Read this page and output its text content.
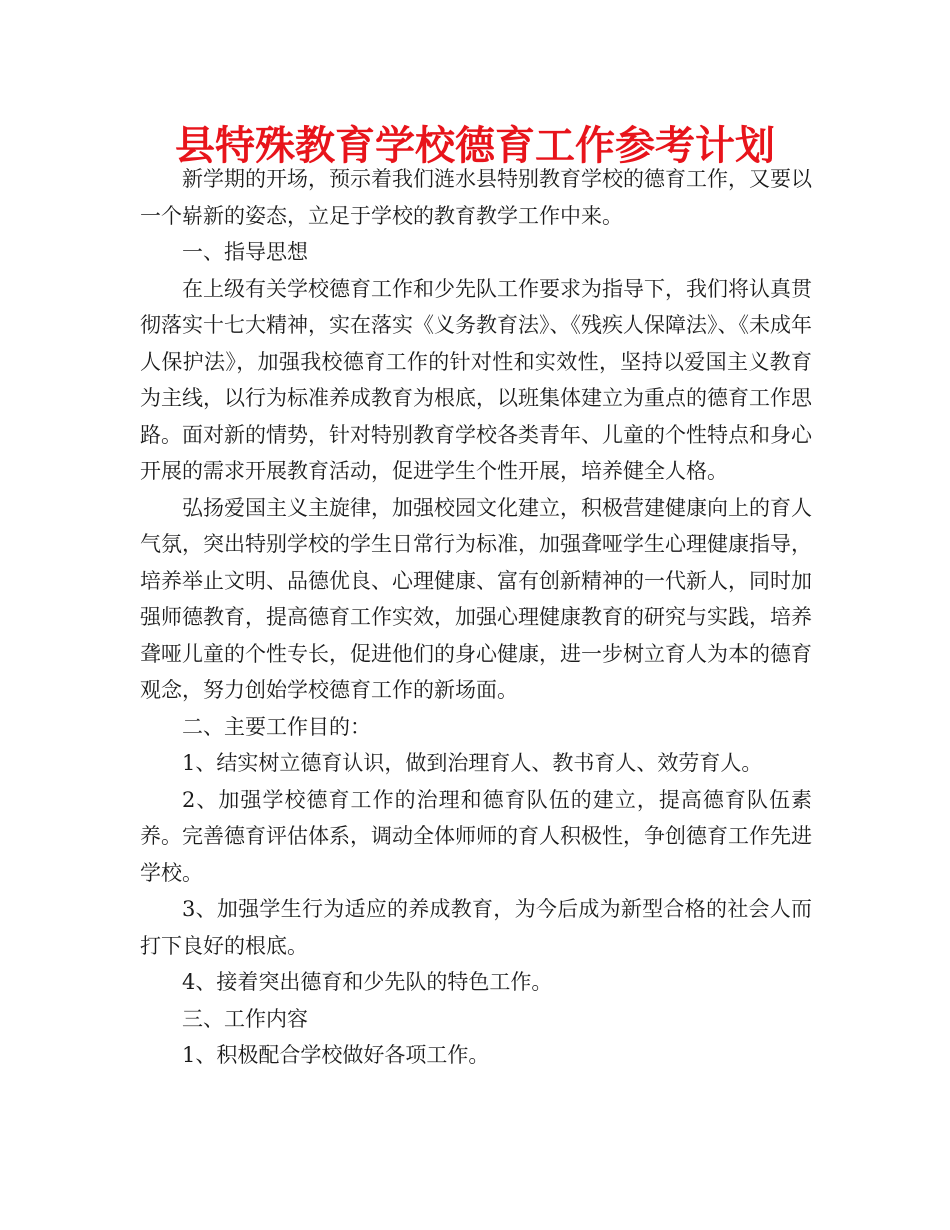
县特殊教育学校德育工作参考计划

新学期的开场，预示着我们涟水县特别教育学校的德育工作，又要以一个崭新的姿态，立足于学校的教育教学工作中来。

一、指导思想

在上级有关学校德育工作和少先队工作要求为指导下，我们将认真贯彻落实十七大精神，实在落实《义务教育法》、《残疾人保障法》、《未成年人保护法》，加强我校德育工作的针对性和实效性，坚持以爱国主义教育为主线，以行为标准养成教育为根底，以班集体建立为重点的德育工作思路。面对新的情势，针对特别教育学校各类青年、儿童的个性特点和身心开展的需求开展教育活动，促进学生个性开展，培养健全人格。

弘扬爱国主义主旋律，加强校园文化建立，积极营建健康向上的育人气氛，突出特别学校的学生日常行为标准，加强聋哑学生心理健康指导，培养举止文明、品德优良、心理健康、富有创新精神的一代新人，同时加强师德教育，提高德育工作实效，加强心理健康教育的研究与实践，培养聋哑儿童的个性专长，促进他们的身心健康，进一步树立育人为本的德育观念，努力创始学校德育工作的新场面。

二、主要工作目的：

1、结实树立德育认识，做到治理育人、教书育人、效劳育人。

2、加强学校德育工作的治理和德育队伍的建立，提高德育队伍素养。完善德育评估体系，调动全体师师的育人积极性，争创德育工作先进学校。

3、加强学生行为适应的养成教育，为今后成为新型合格的社会人而打下良好的根底。

4、接着突出德育和少先队的特色工作。

三、工作内容

1、积极配合学校做好各项工作。
